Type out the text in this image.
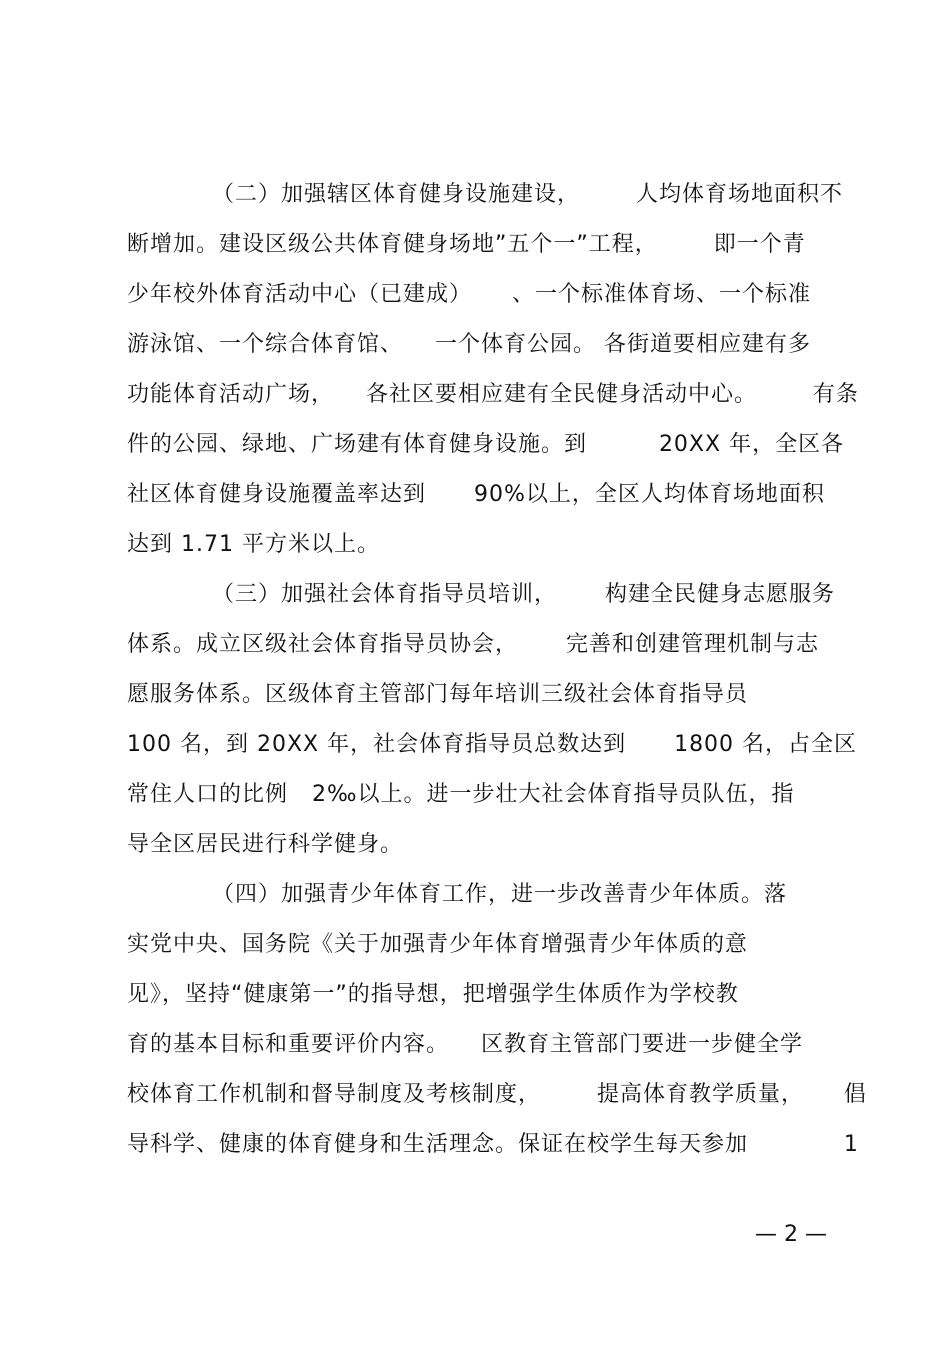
（二）加强辖区体育健身设施建设，       人均体育场地面积不
断增加。建设区级公共体育健身场地”五个一”工程，       即一个青
少年校外体育活动中心（已建成）     、一个标准体育场、一个标准
游泳馆、一个综合体育馆、    一个体育公园。 各街道要相应建有多
功能体育活动广场，    各社区要相应建有全民健身活动中心。       有条
件的公园、绿地、广场建有体育健身设施。到         20XX 年，全区各
社区体育健身设施覆盖率达到      90%以上，全区人均体育场地面积
达到 1.71 平方米以上。
（三）加强社会体育指导员培训，      构建全民健身志愿服务
体系。成立区级社会体育指导员协会，      完善和创建管理机制与志
愿服务体系。区级体育主管部门每年培训三级社会体育指导员
100 名，到 20XX 年，社会体育指导员总数达到      1800 名，占全区
常住人口的比例   2‰以上。进一步壮大社会体育指导员队伍，指
导全区居民进行科学健身。
（四）加强青少年体育工作，进一步改善青少年体质。落
实党中央、国务院《关于加强青少年体育增强青少年体质的意
见》，坚持“健康第一”的指导想，把增强学生体质作为学校教
育的基本目标和重要评价内容。    区教育主管部门要进一步健全学
校体育工作机制和督导制度及考核制度，       提高体育教学质量，     倡
导科学、健康的体育健身和生活理念。保证在校学生每天参加            1
— 2 —
